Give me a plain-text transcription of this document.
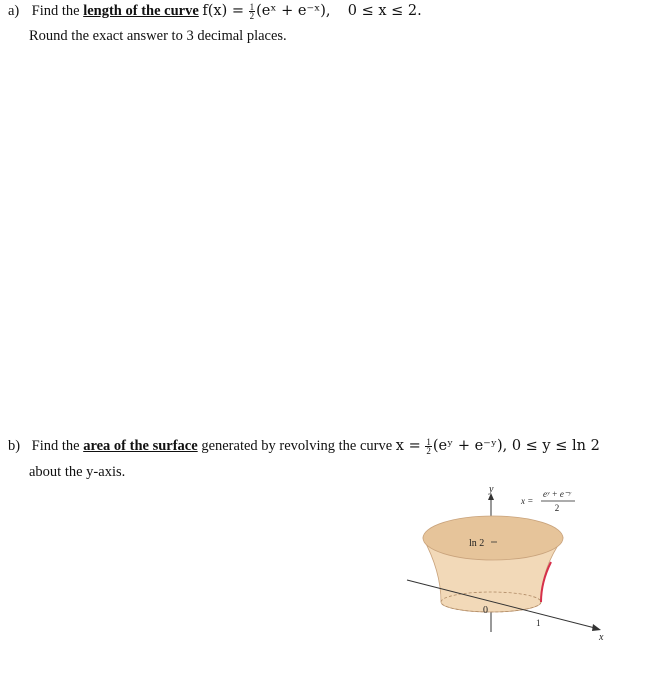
a) Find the length of the curve $f(x) = \frac{1}{2}$ (eˣ + e⁻ˣ), 0 ≤ x ≤ 2.
Round the exact answer to 3 decimal places.
b) Find the area of the surface generated by revolving the curve $x = \frac{1}{2}$ (eʸ + e⁻ʸ), 0 ≤ y ≤ ln 2
about the y-axis.
y
x
ln 2
0
1
x =
eʸ + e⁻ʸ
2
